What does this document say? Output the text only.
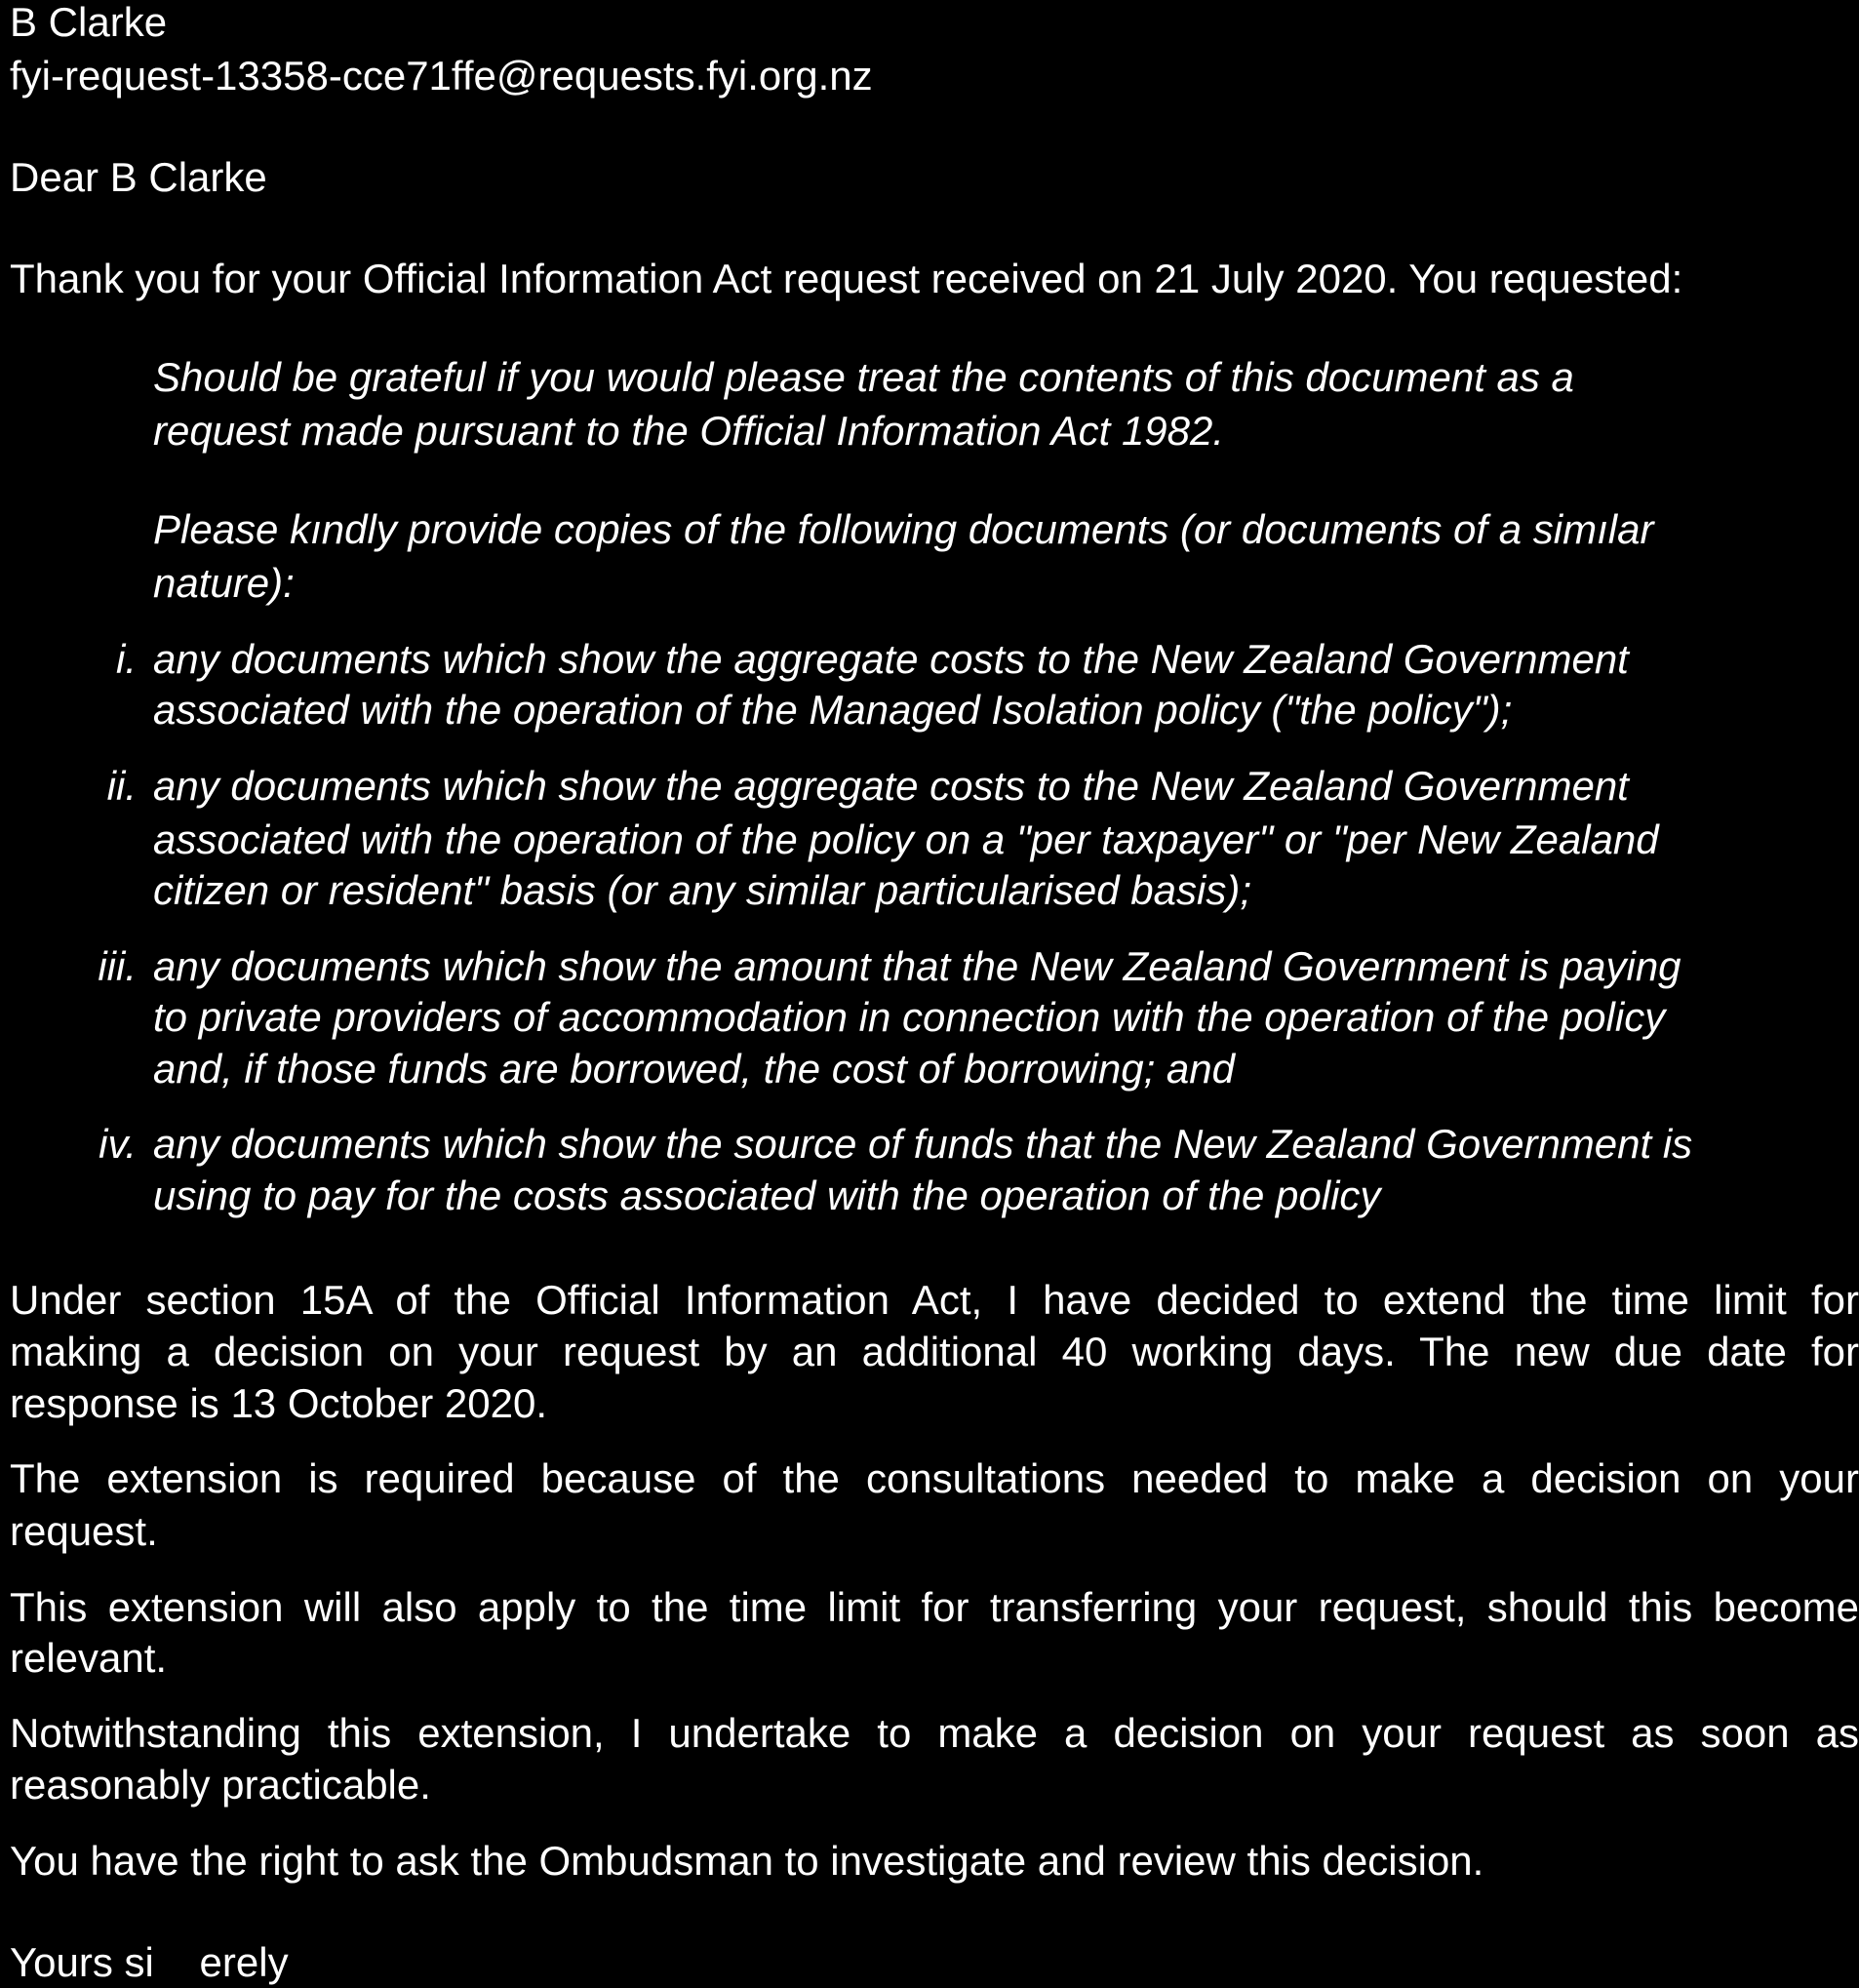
B Clarke
fyi-request-13358-cce71ffe@requests.fyi.org.nz
Dear B Clarke
Thank you for your Official Information Act request received on 21 July 2020. You requested:
Should be grateful if you would please treat the contents of this document as a
request made pursuant to the Official Information Act 1982.
Please kındly provide copies of the following documents (or documents of a simılar
nature):
i. any documents which show the aggregate costs to the New Zealand Government
associated with the operation of the Managed Isolation policy ("the policy");
ii. any documents which show the aggregate costs to the New Zealand Government
associated with the operation of the policy on a "per taxpayer" or "per New Zealand
citizen or resident" basis (or any similar particularised basis);
iii. any documents which show the amount that the New Zealand Government is paying
to private providers of accommodation in connection with the operation of the policy
and, if those funds are borrowed, the cost of borrowing; and
iv. any documents which show the source of funds that the New Zealand Government is
using to pay for the costs associated with the operation of the policy
Under section 15A of the Official Information Act, I have decided to extend the time limit for
making a decision on your request by an additional 40 working days. The new due date for
response is 13 October 2020.
The extension is required because of the consultations needed to make a decision on your
request.
This extension will also apply to the time limit for transferring your request, should this become
relevant.
Notwithstanding this extension, I undertake to make a decision on your request as soon as
reasonably practicable.
You have the right to ask the Ombudsman to investigate and review this decision.
Yours si    erely
